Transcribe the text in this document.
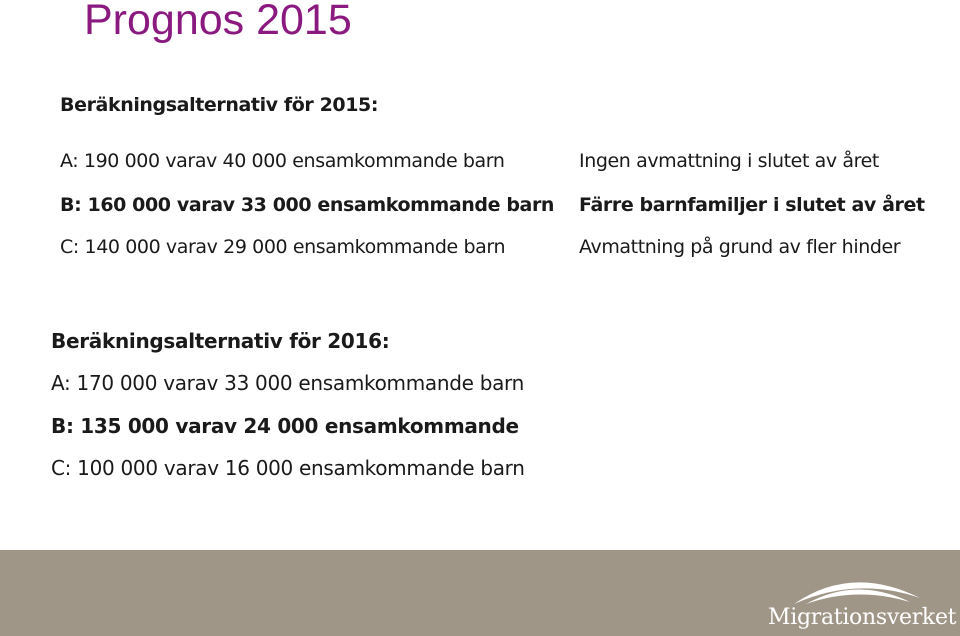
Prognos 2015
Beräkningsalternativ för 2015:
A: 190 000 varav 40 000 ensamkommande barn
B: 160 000 varav 33 000 ensamkommande barn
C: 140 000 varav 29 000 ensamkommande barn
Ingen avmattning i slutet av året
Färre barnfamiljer i slutet av året
Avmattning på grund av fler hinder
Beräkningsalternativ för 2016:
A: 170 000 varav 33 000 ensamkommande barn
B: 135 000 varav 24 000 ensamkommande
C: 100 000 varav 16 000 ensamkommande barn
Migrationsverket
